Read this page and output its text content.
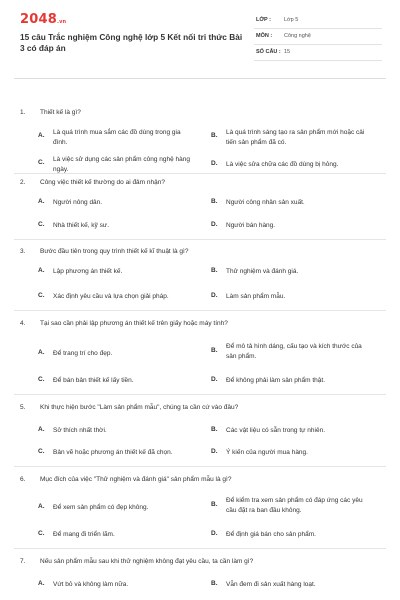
2048.vn
15 câu Trắc nghiệm Công nghệ lớp 5 Kết nối tri thức Bài 3 có đáp án
LỚP : Lớp 5
MÔN : Công nghệ
SỐ CÂU : 15
1. Thiết kế là gì?
A. Là quá trình mua sắm các đồ dùng trong gia đình.
B. Là quá trình sáng tạo ra sản phẩm mới hoặc cải tiến sản phẩm đã có.
C. Là việc sử dụng các sản phẩm công nghệ hàng ngày.
D. Là việc sửa chữa các đồ dùng bị hỏng.
2. Công việc thiết kế thường do ai đảm nhận?
A. Người nông dân.	B. Người công nhân sản xuất.
C. Nhà thiết kế, kỹ sư.	D. Người bán hàng.
3. Bước đầu tiên trong quy trình thiết kế kĩ thuật là gì?
A. Lập phương án thiết kế.	B. Thử nghiệm và đánh giá.
C. Xác định yêu cầu và lựa chọn giải pháp.	D. Làm sản phẩm mẫu.
4. Tại sao cần phải lập phương án thiết kế trên giấy hoặc máy tính?
A. Để trang trí cho đẹp.	B.
Để mô tả hình dáng, cấu tạo và kích thước của sản phẩm.
C. Để bán bản thiết kế lấy tiền.	D. Để không phải làm sản phẩm thật.
5. Khi thực hiện bước "Làm sản phẩm mẫu", chúng ta cần cứ vào đâu?
A. Sở thích nhất thời.	B. Các vật liệu có sẵn trong tự nhiên.
C. Bản vẽ hoặc phương án thiết kế đã chọn.	D. Ý kiến của người mua hàng.
6. Mục đích của việc "Thử nghiệm và đánh giá" sản phẩm mẫu là gì?
A. Để xem sản phẩm có đẹp không.	B.
Để kiểm tra xem sản phẩm có đáp ứng các yêu cầu đặt ra ban đầu không.
C. Để mang đi triển lãm.	D. Để định giá bán cho sản phẩm.
7. Nếu sản phẩm mẫu sau khi thử nghiệm không đạt yêu cầu, ta cần làm gì?
A. Vứt bỏ và không làm nữa.	B. Vẫn đem đi sản xuất hàng loạt.
